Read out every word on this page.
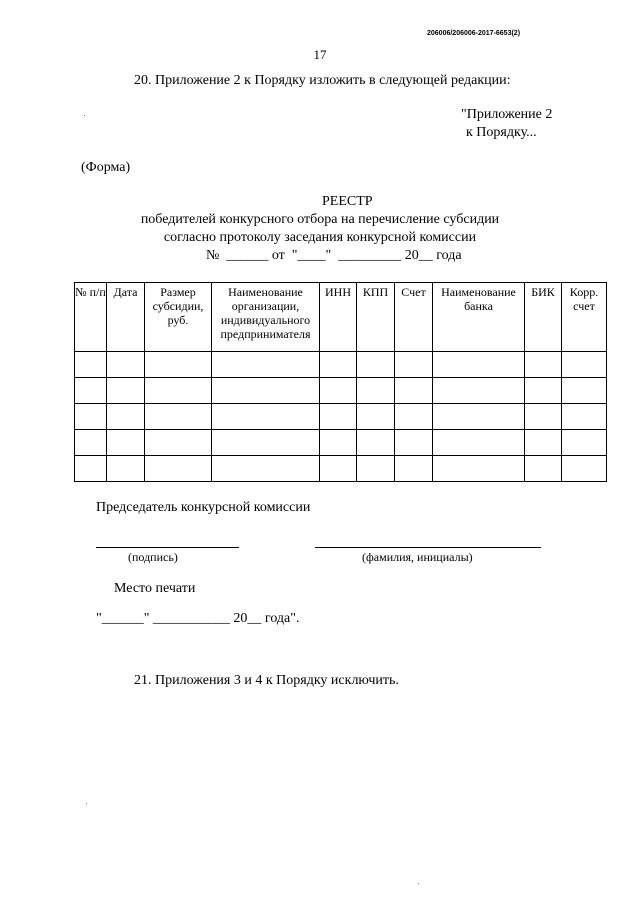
206006/206006-2017-6653(2)
17
20. Приложение 2 к Порядку изложить в следующей редакции:
"Приложение 2
к Порядку...
(Форма)
РЕЕСТР
победителей конкурсного отбора на перечисление субсидии
согласно протоколу заседания конкурсной комиссии
№  ______ от  "____"  _________ 20__ года
№ п/п	Дата	Размер субсидии, руб.	Наименование организации, индивидуального предпринимателя	ИНН	КПП	Счет	Наименование банка	БИК	Корр. счет

Председатель конкурсной комиссии
(подпись)	(фамилия, инициалы)
Место печати
"______" ___________ 20__ года".
21. Приложения 3 и 4 к Порядку исключить.
